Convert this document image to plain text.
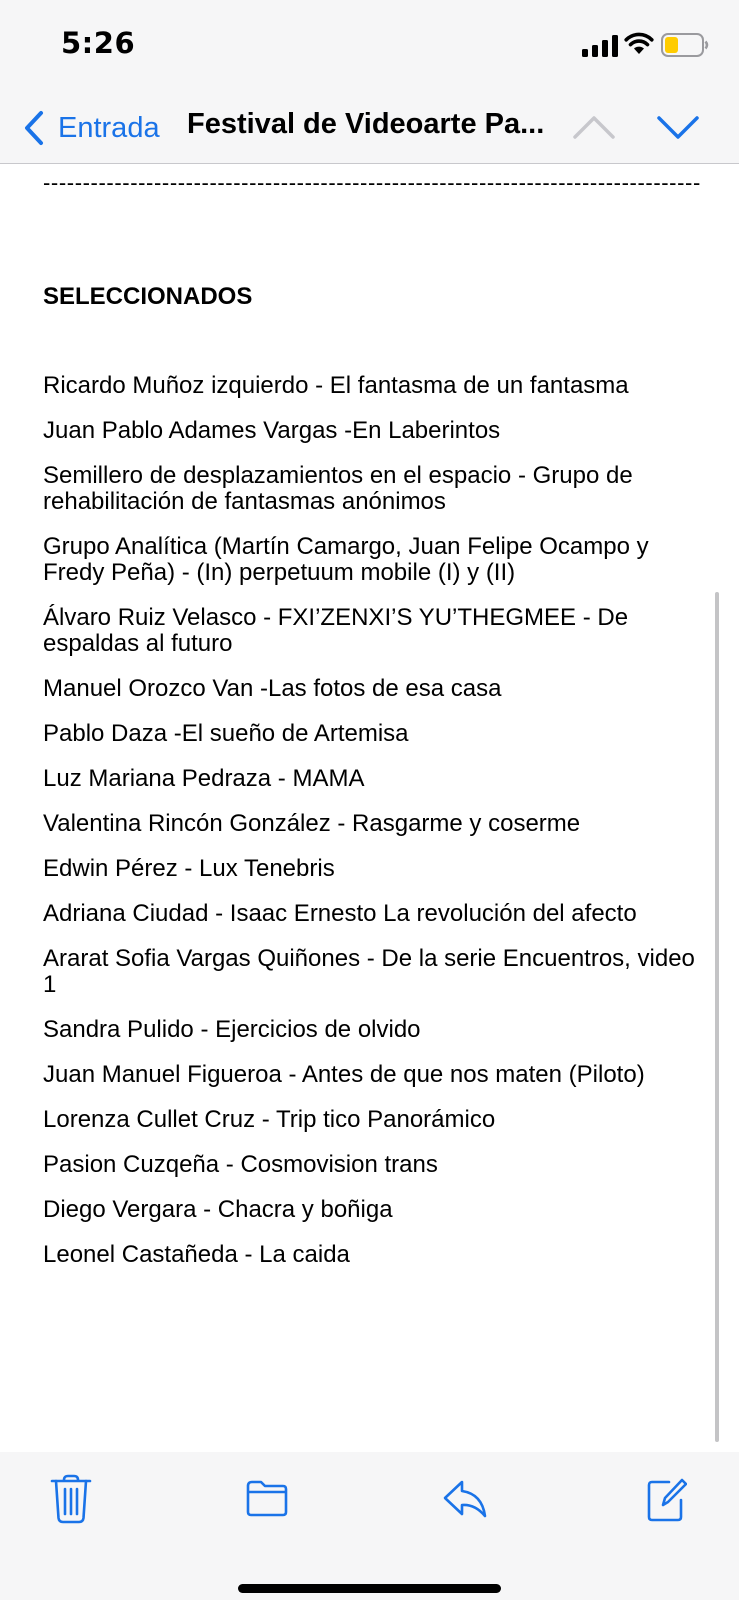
5:26
Entrada Festival de Videoarte Pa...
-----------------------------------------------------------------------------------
SELECCIONADOS
Ricardo Muñoz izquierdo - El fantasma de un fantasma
Juan Pablo Adames Vargas -En Laberintos
Semillero de desplazamientos en el espacio - Grupo de rehabilitación de fantasmas anónimos
Grupo Analítica (Martín Camargo, Juan Felipe Ocampo y Fredy Peña) - (In) perpetuum mobile (I) y (II)
Álvaro Ruiz Velasco - FXI’ZENXI’S YU’THEGMEE - De espaldas al futuro
Manuel Orozco Van -Las fotos de esa casa
Pablo Daza -El sueño de Artemisa
Luz Mariana Pedraza - MAMA
Valentina Rincón González - Rasgarme y coserme
Edwin Pérez - Lux Tenebris
Adriana Ciudad - Isaac Ernesto La revolución del afecto
Ararat Sofia Vargas Quiñones - De la serie Encuentros, video 1
Sandra Pulido - Ejercicios de olvido
Juan Manuel Figueroa - Antes de que nos maten (Piloto)
Lorenza Cullet Cruz - Trip tico Panorámico
Pasion Cuzqeña - Cosmovision trans
Diego Vergara - Chacra y boñiga
Leonel Castañeda - La caida
